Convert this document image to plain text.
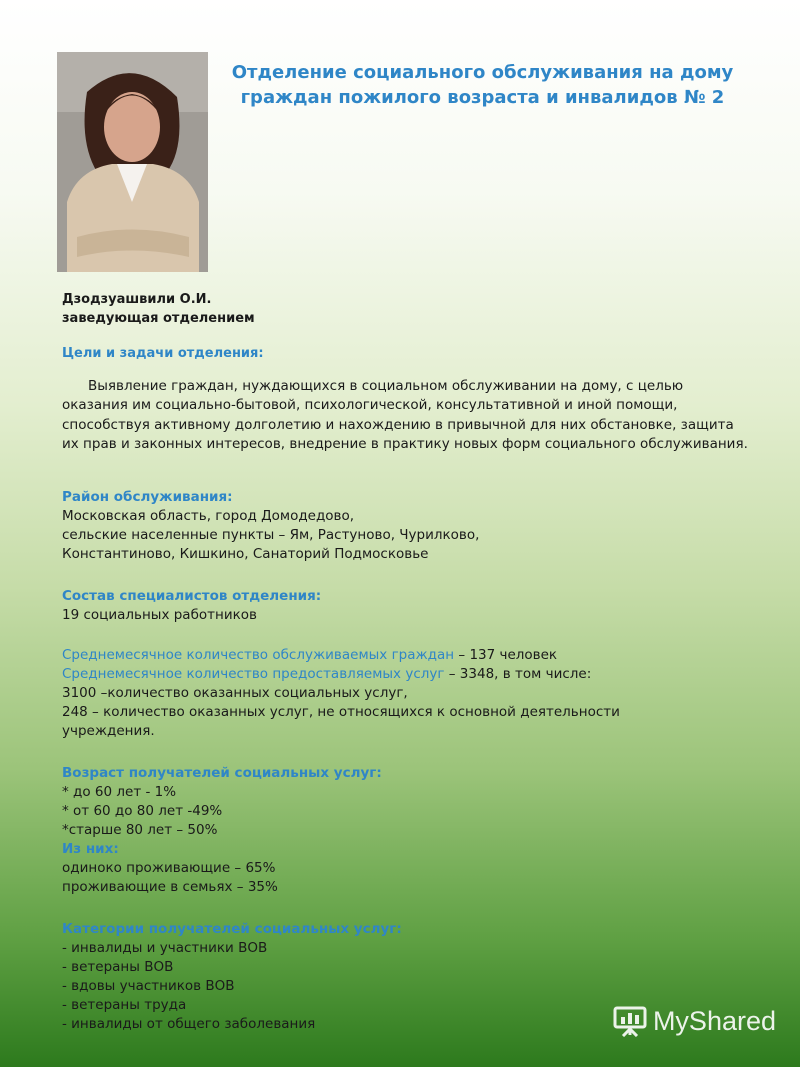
Отделение социального обслуживания на дому граждан пожилого возраста и инвалидов № 2
Дзодзуашвили О.И.
заведующая отделением
Цели и задачи отделения:
Выявление граждан, нуждающихся в социальном обслуживании на дому, с целью оказания им социально-бытовой, психологической, консультативной и иной помощи, способствуя активному долголетию и нахождению в привычной для них обстановке, защита их прав и законных интересов, внедрение в практику новых форм социального обслуживания.
Район обслуживания:
Московская область, город Домодедово,
сельские населенные пункты – Ям, Растуново, Чурилково,
Константиново, Кишкино, Санаторий Подмосковье
Состав специалистов отделения:
19 социальных работников
Среднемесячное количество обслуживаемых граждан – 137 человек
Среднемесячное количество предоставляемых услуг – 3348, в том числе:
3100 –количество оказанных социальных услуг,
248 – количество оказанных услуг, не относящихся к основной деятельности
учреждения.
Возраст получателей социальных услуг:
* до 60 лет - 1%
* от 60 до 80 лет -49%
*старше 80 лет – 50%
Из них:
одиноко проживающие – 65%
проживающие в семьях – 35%
Категории получателей социальных услуг:
- инвалиды и участники ВОВ
- ветераны ВОВ
- вдовы участников ВОВ
- ветераны труда
- инвалиды от общего заболевания	MyShared
